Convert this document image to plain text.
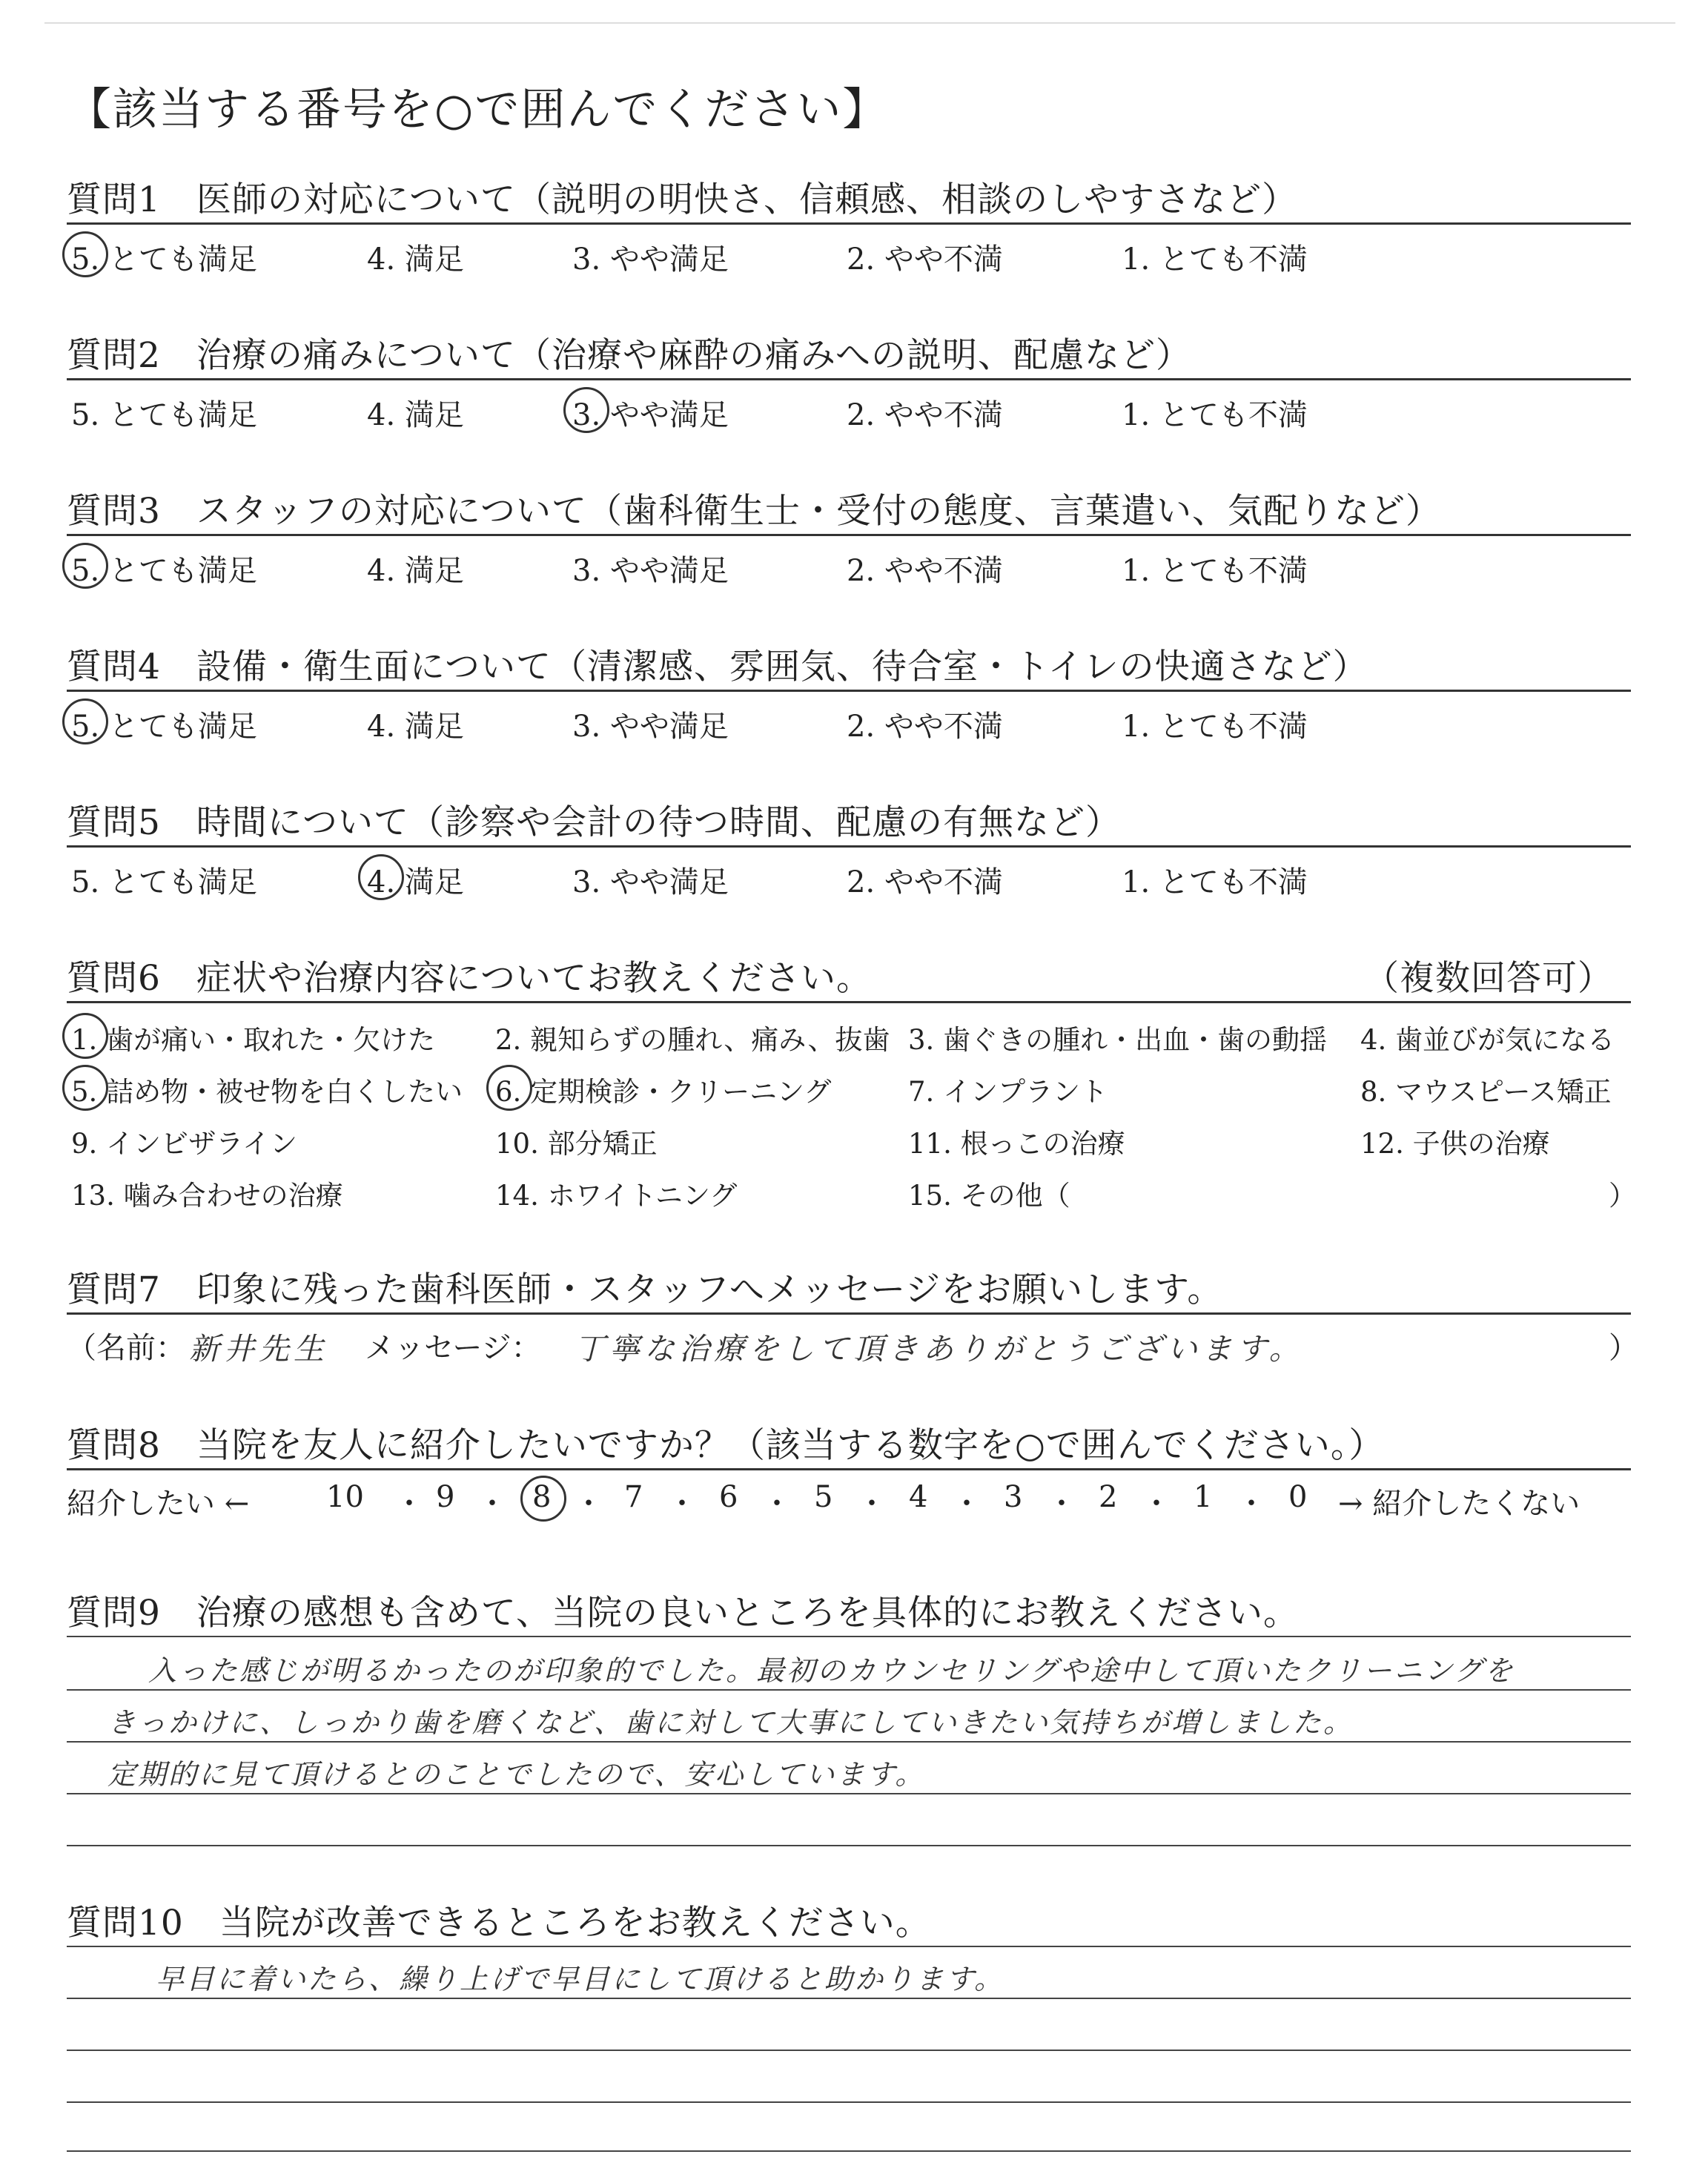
【該当する番号を○で囲んでください】
質問1　医師の対応について（説明の明快さ、信頼感、相談のしやすさなど）
5. とても満足	4. 満足	3. やや満足	2. やや不満	1. とても不満
質問2　治療の痛みについて（治療や麻酔の痛みへの説明、配慮など）
5. とても満足	4. 満足	3. やや満足	2. やや不満	1. とても不満
質問3　スタッフの対応について（歯科衛生士・受付の態度、言葉遣い、気配りなど）
5. とても満足	4. 満足	3. やや満足	2. やや不満	1. とても不満
質問4　設備・衛生面について（清潔感、雰囲気、待合室・トイレの快適さなど）
5. とても満足	4. 満足	3. やや満足	2. やや不満	1. とても不満
質問5　時間について（診察や会計の待つ時間、配慮の有無など）
5. とても満足	4. 満足	3. やや満足	2. やや不満	1. とても不満
質問6　症状や治療内容についてお教えください。	（複数回答可）
1. 歯が痛い・取れた・欠けた 2. 親知らずの腫れ、痛み、抜歯 3. 歯ぐきの腫れ・出血・歯の動揺 4. 歯並びが気になる
5. 詰め物・被せ物を白くしたい 6. 定期検診・クリーニング	7. インプラント	8. マウスピース矯正
9. インビザライン	10. 部分矯正	11. 根っこの治療	12. 子供の治療
13. 噛み合わせの治療	14. ホワイトニング	15. その他（	）
質問7　印象に残った歯科医師・スタッフへメッセージをお願いします。
（名前： 新井先生 メッセージ： 丁寧な治療をして頂きありがとうございます。	）
質問8　当院を友人に紹介したいですか？（該当する数字を○で囲んでください。）
紹介したい ←	→ 紹介したくない
10 ・ 9 ・ 8 ・ 7 ・ 6 ・ 5 ・ 4 ・ 3 ・ 2 ・ 1 ・ 0
質問9　治療の感想も含めて、当院の良いところを具体的にお教えください。
入った感じが明るかったのが印象的でした。最初のカウンセリングや途中して頂いたクリーニングを
きっかけに、しっかり歯を磨くなど、歯に対して大事にしていきたい気持ちが増しました。
定期的に見て頂けるとのことでしたので、安心しています。
質問10　当院が改善できるところをお教えください。
早目に着いたら、繰り上げで早目にして頂けると助かります。
